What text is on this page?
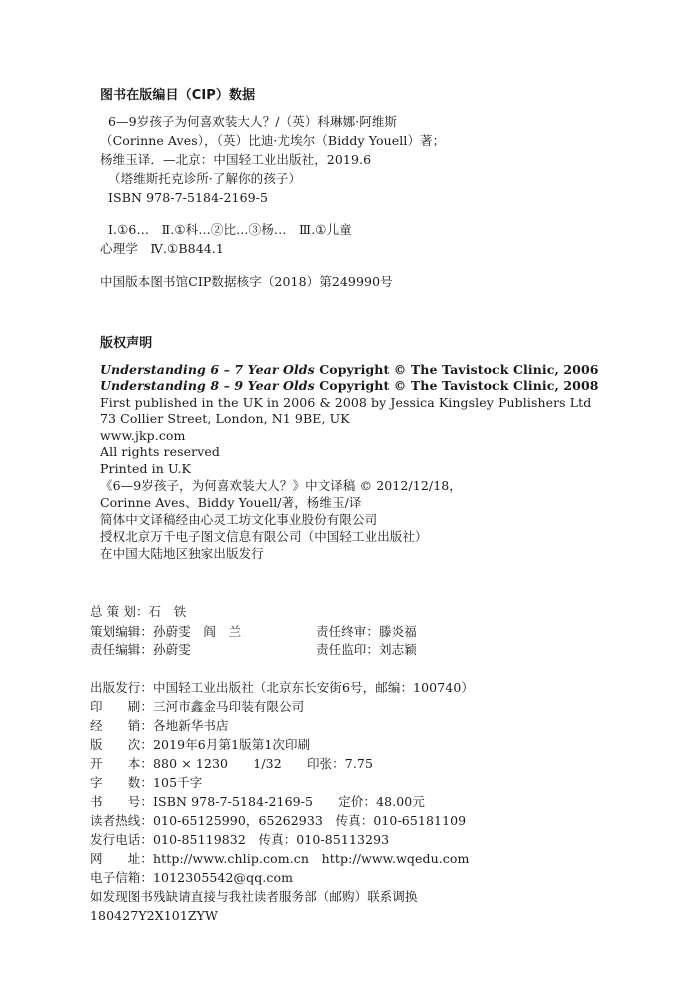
图书在版编目（CIP）数据
6—9岁孩子为何喜欢装大人？/（英）科琳娜·阿维斯
（Corinne Aves），（英）比迪·尤埃尔（Biddy Youell）著；
杨维玉译．—北京：中国轻工业出版社，2019.6
（塔维斯托克诊所·了解你的孩子）
ISBN 978-7-5184-2169-5
Ⅰ.①6…　Ⅱ.①科…②比…③杨…　Ⅲ.①儿童
心理学　Ⅳ.①B844.1
中国版本图书馆CIP数据核字（2018）第249990号
版权声明
Understanding 6 – 7 Year Olds Copyright © The Tavistock Clinic, 2006
Understanding 8 – 9 Year Olds Copyright © The Tavistock Clinic, 2008
First published in the UK in 2006 & 2008 by Jessica Kingsley Publishers Ltd
73 Collier Street, London, N1 9BE, UK
www.jkp.com
All rights reserved
Printed in U.K
《6—9岁孩子，为何喜欢装大人？》中文译稿 © 2012/12/18，
Corinne Aves、Biddy Youell/著，杨维玉/译
简体中文译稿经由心灵工坊文化事业股份有限公司
授权北京万千电子图文信息有限公司（中国轻工业出版社）
在中国大陆地区独家出版发行
总 策 划：石　铁
策划编辑：孙蔚雯　阎　兰	责任终审：滕炎福
责任编辑：孙蔚雯	责任监印：刘志颖
出版发行：中国轻工业出版社（北京东长安街6号，邮编：100740）
印　　刷：三河市鑫金马印装有限公司
经　　销：各地新华书店
版　　次：2019年6月第1版第1次印刷
开　　本：880 × 1230　　1/32　　印张：7.75
字　　数：105千字
书　　号：ISBN 978-7-5184-2169-5　　定价：48.00元
读者热线：010-65125990，65262933　传真：010-65181109
发行电话：010-85119832　传真：010-85113293
网　　址：http://www.chlip.com.cn　http://www.wqedu.com
电子信箱：1012305542@qq.com
如发现图书残缺请直接与我社读者服务部（邮购）联系调换
180427Y2X101ZYW
